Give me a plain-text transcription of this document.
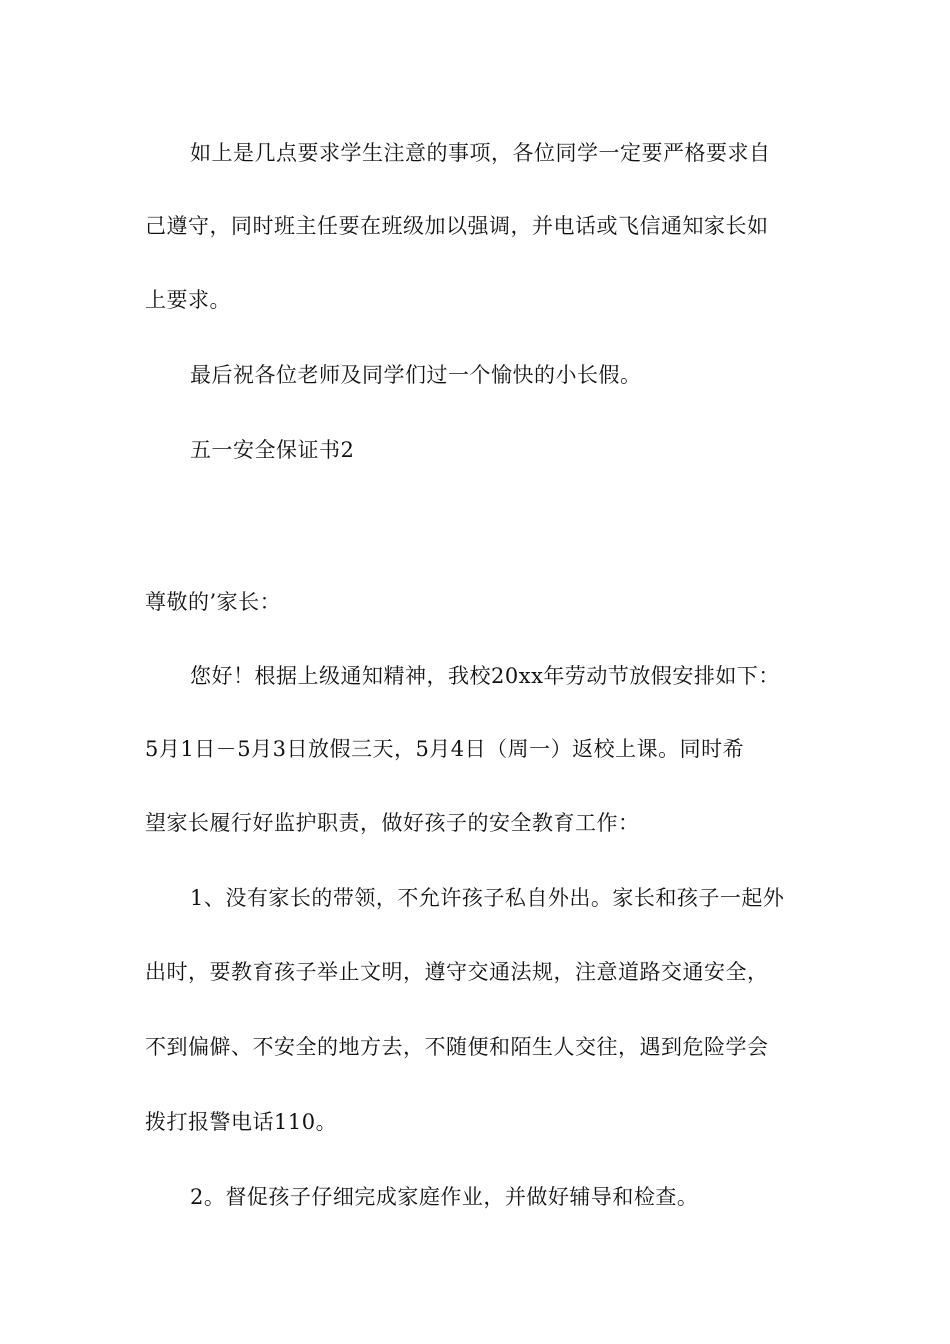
如上是几点要求学生注意的事项，各位同学一定要严格要求自
己遵守，同时班主任要在班级加以强调，并电话或飞信通知家长如
上要求。
最后祝各位老师及同学们过一个愉快的小长假。
五一安全保证书2
尊敬的’家长：
您好！根据上级通知精神，我校20xx年劳动节放假安排如下：
5月1日－5月3日放假三天，5月4日（周一）返校上课。同时希
望家长履行好监护职责，做好孩子的安全教育工作：
1、没有家长的带领，不允许孩子私自外出。家长和孩子一起外
出时，要教育孩子举止文明，遵守交通法规，注意道路交通安全，
不到偏僻、不安全的地方去，不随便和陌生人交往，遇到危险学会
拨打报警电话110。
2。督促孩子仔细完成家庭作业，并做好辅导和检查。
